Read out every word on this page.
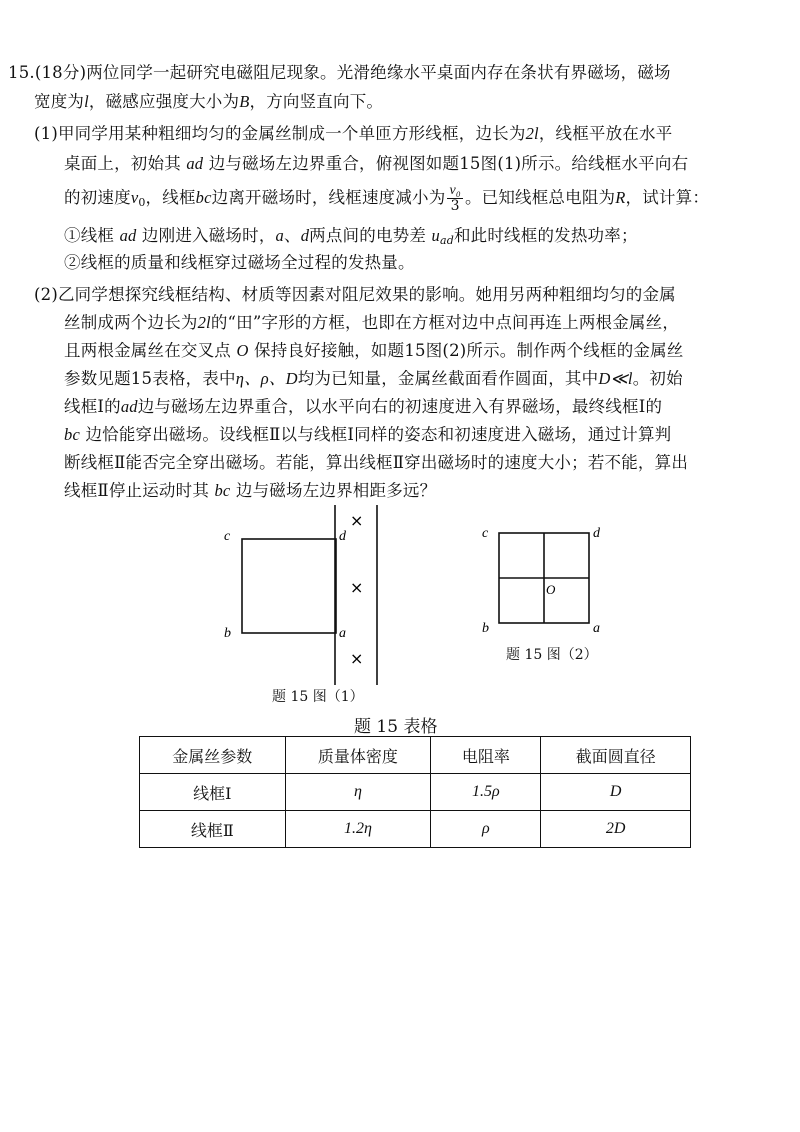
15.(18分)两位同学一起研究电磁阻尼现象。光滑绝缘水平桌面内存在条状有界磁场，磁场
宽度为l，磁感应强度大小为B，方向竖直向下。
(1)甲同学用某种粗细均匀的金属丝制成一个单匝方形线框，边长为2l，线框平放在水平
桌面上，初始其 ad 边与磁场左边界重合，俯视图如题15图(1)所示。给线框水平向右
的初速度$v_0$，线框bc边离开磁场时，线框速度减小为 $\frac{\text{v₀}}{3}$ 。已知线框总电阻为R，试计算：
①线框 ad 边刚进入磁场时，a、d两点间的电势差 $u_{ad}$和此时线框的发热功率；
②线框的质量和线框穿过磁场全过程的发热量。
(2)乙同学想探究线框结构、材质等因素对阻尼效果的影响。她用另两种粗细均匀的金属
丝制成两个边长为2l的“田”字形的方框，也即在方框对边中点间再连上两根金属丝，
且两根金属丝在交叉点 O 保持良好接触，如题15图(2)所示。制作两个线框的金属丝
参数见题15表格，表中η、ρ、D均为已知量，金属丝截面看作圆面，其中D≪l。初始
线框Ⅰ的ad边与磁场左边界重合，以水平向右的初速度进入有界磁场，最终线框Ⅰ的
bc 边恰能穿出磁场。设线框Ⅱ以与线框Ⅰ同样的姿态和初速度进入磁场，通过计算判
断线框Ⅱ能否完全穿出磁场。若能，算出线框Ⅱ穿出磁场时的速度大小；若不能，算出
线框Ⅱ停止运动时其 bc 边与磁场左边界相距多远？
c	d
b	a
×
×
×
c	d
b	a
O
题 15 图（1）
题 15 图（2）
题 15 表格
金属丝参数	质量体密度	电阻率	截面圆直径
线框Ⅰ	η	1.5ρ	D
线框Ⅱ	1.2η	ρ	2D
